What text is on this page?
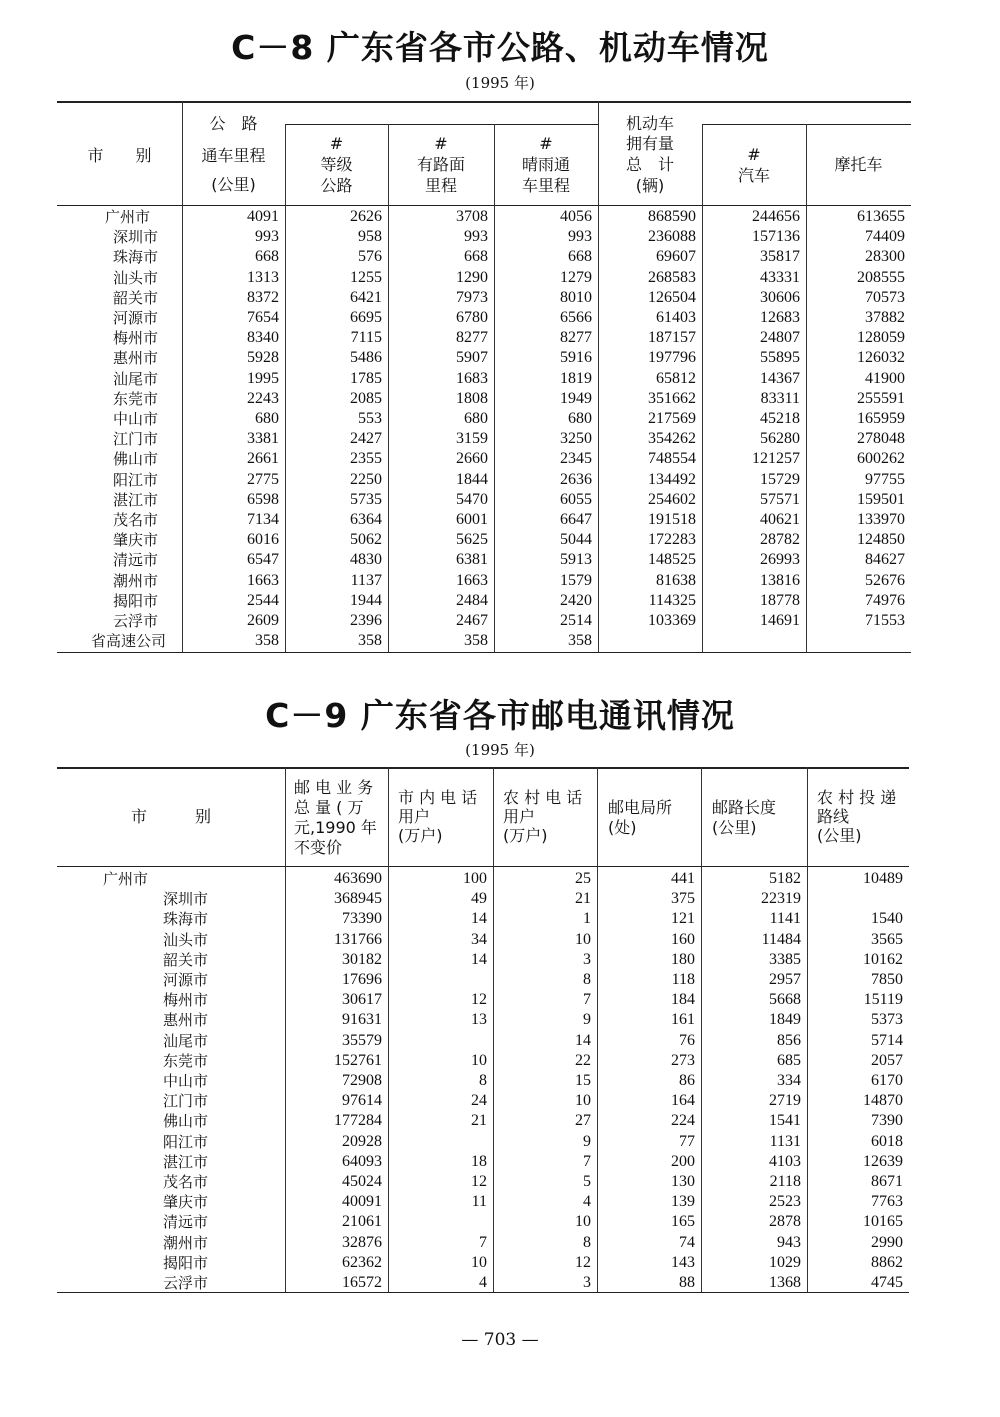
C－8 广东省各市公路、机动车情况
(1995 年)
市　　别
公　路
通车里程
(公里)
#
等级
公路
#
有路面
里程
#
晴雨通
车里程
机动车
拥有量
总　计
(辆)
#
汽车
摩托车
广州市	4091	2626	3708	4056	868590	244656	613655
深圳市	993	958	993	993	236088	157136	74409
珠海市	668	576	668	668	69607	35817	28300
汕头市	1313	1255	1290	1279	268583	43331	208555
韶关市	8372	6421	7973	8010	126504	30606	70573
河源市	7654	6695	6780	6566	61403	12683	37882
梅州市	8340	7115	8277	8277	187157	24807	128059
惠州市	5928	5486	5907	5916	197796	55895	126032
汕尾市	1995	1785	1683	1819	65812	14367	41900
东莞市	2243	2085	1808	1949	351662	83311	255591
中山市	680	553	680	680	217569	45218	165959
江门市	3381	2427	3159	3250	354262	56280	278048
佛山市	2661	2355	2660	2345	748554	121257	600262
阳江市	2775	2250	1844	2636	134492	15729	97755
湛江市	6598	5735	5470	6055	254602	57571	159501
茂名市	7134	6364	6001	6647	191518	40621	133970
肇庆市	6016	5062	5625	5044	172283	28782	124850
清远市	6547	4830	6381	5913	148525	26993	84627
潮州市	1663	1137	1663	1579	81638	13816	52676
揭阳市	2544	1944	2484	2420	114325	18778	74976
云浮市	2609	2396	2467	2514	103369	14691	71553
省高速公司	358	358	358	358			
C－9 广东省各市邮电通讯情况
(1995 年)
市　　　别
邮 电 业 务
总 量 ( 万
元,1990 年
不变价
市 内 电 话
用户
(万户)
农 村 电 话
用户
(万户)
邮电局所
(处)
邮路长度
(公里)
农 村 投 递
路线
(公里)
广州市	463690	100	25	441	5182	10489
深圳市	368945	49	21	375	22319	
珠海市	73390	14	1	121	1141	1540
汕头市	131766	34	10	160	11484	3565
韶关市	30182	14	3	180	3385	10162
河源市	17696		8	118	2957	7850
梅州市	30617	12	7	184	5668	15119
惠州市	91631	13	9	161	1849	5373
汕尾市	35579		14	76	856	5714
东莞市	152761	10	22	273	685	2057
中山市	72908	8	15	86	334	6170
江门市	97614	24	10	164	2719	14870
佛山市	177284	21	27	224	1541	7390
阳江市	20928		9	77	1131	6018
湛江市	64093	18	7	200	4103	12639
茂名市	45024	12	5	130	2118	8671
肇庆市	40091	11	4	139	2523	7763
清远市	21061		10	165	2878	10165
潮州市	32876	7	8	74	943	2990
揭阳市	62362	10	12	143	1029	8862
云浮市	16572	4	3	88	1368	4745
— 703 —
